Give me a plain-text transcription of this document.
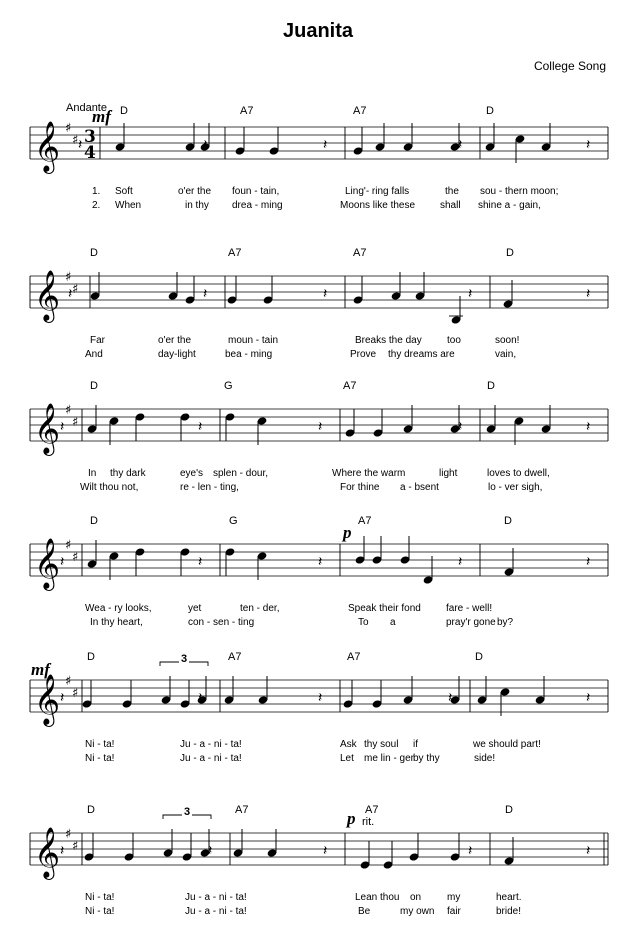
Juanita
College Song
Andante
𝄞 ♯
♯ 3
4
𝄽	𝄽	𝄽	𝄽	𝄽
D	A7	A7	D
mf
1. Soft	o'er the foun - tain,	Ling'- ring falls	the sou - thern moon;
2. When	in thy drea - ming	Moons like these shall shine a - gain,
𝄞 ♯
♯
𝄽	𝄽	𝄽	𝄽	𝄽
D	A7	A7	D
Far	o'er the	moun - tain	Breaks the day	too	soon!
And	day-light	bea - ming	Prove thy dreams are	vain,
𝄞 ♯
♯
𝄽	𝄽	𝄽	𝄽	𝄽
D	G	A7	D
In thy dark	eye's splen - dour,	Where the warm	light	loves to dwell,
Wilt thou not,	re - len - ting,	For thine a - bsent	lo - ver sigh,
𝄞 ♯
♯
𝄽	𝄽	𝄽	𝄽	𝄽
D	G	A7	D
p
Wea - ry looks,	yet	ten - der,	Speak their fond	fare - well!
In thy heart,	con - sen - ting	To a	pray'r gone by?
𝄞 ♯
♯
𝄽	𝄽	𝄽	𝄽	𝄽
3
D	A7	A7	D
mf
Ni - ta!	Ju - a - ni - ta!	Ask thy soul if	we should part!
Ni - ta!	Ju - a - ni - ta!	Let me lin - ger
by thy	side!
𝄞 ♯
♯
𝄽	𝄽	𝄽	𝄽	𝄽
3
D	A7	A7	D
p rit.
Ni - ta!	Ju - a - ni - ta!	Lean thou on	my	heart.
Ni - ta!	Ju - a - ni - ta!	Be	my own fair	bride!
